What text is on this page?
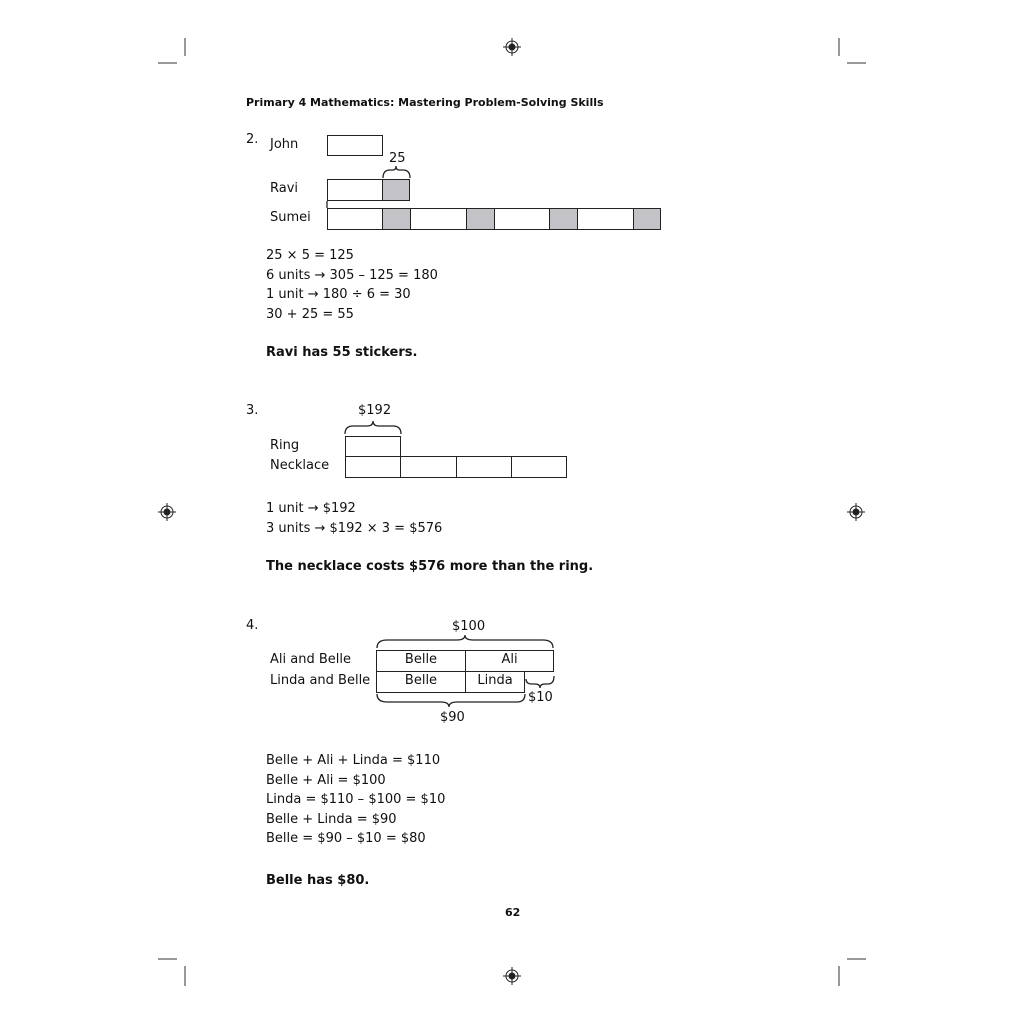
Primary 4 Mathematics: Mastering Problem-Solving Skills
2. John
Ravi
Sumei
25
25 × 5 = 125
6 units → 305 – 125 = 180
1 unit → 180 ÷ 6 = 30
30 + 25 = 55
Ravi has 55 stickers.
3.	$192
Ring
Necklace
1 unit → $192
3 units → $192 × 3 = $576
The necklace costs $576 more than the ring.
4.	$100
Ali and Belle
Linda and Belle
Belle	Ali
Belle	Linda
$10
$90
Belle + Ali + Linda = $110
Belle + Ali = $100
Linda = $110 – $100 = $10
Belle + Linda = $90
Belle = $90 – $10 = $80
Belle has $80.
62
